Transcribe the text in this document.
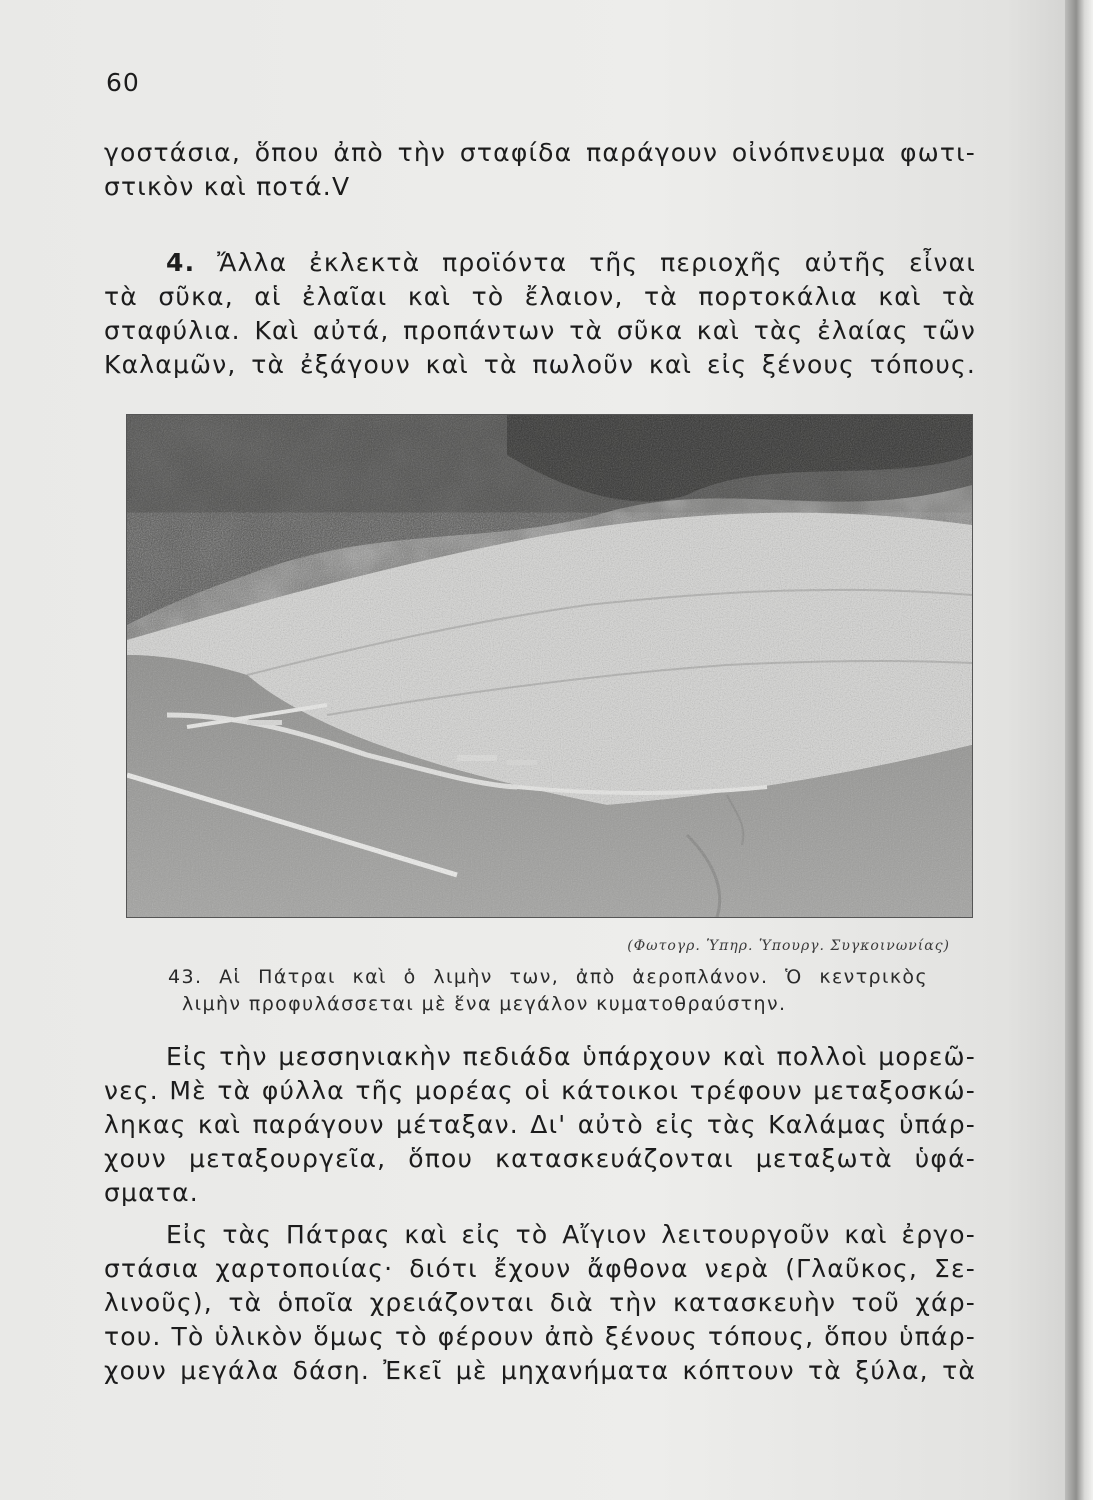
60
γοστάσια, ὅπου ἀπὸ τὴν σταφίδα παράγουν οἰνόπνευμα φωτι-
στικὸν καὶ ποτά.V
4. Ἄλλα ἐκλεκτὰ προϊόντα τῆς περιοχῆς αὐτῆς εἶναι
τὰ σῦκα, αἱ ἐλαῖαι καὶ τὸ ἔλαιον, τὰ πορτοκάλια καὶ τὰ
σταφύλια. Καὶ αὐτά, προπάντων τὰ σῦκα καὶ τὰς ἐλαίας τῶν
Καλαμῶν, τὰ ἐξάγουν καὶ τὰ πωλοῦν καὶ εἰς ξένους τόπους.
(Φωτογρ. Ὑπηρ. Ὑπουργ. Συγκοινωνίας)
43. Αἱ Πάτραι καὶ ὁ λιμὴν των, ἀπὸ ἀεροπλάνον. Ὁ κεντρικὸς
λιμὴν προφυλάσσεται μὲ ἕνα μεγάλον κυματοθραύστην.
Εἰς τὴν μεσσηνιακὴν πεδιάδα ὑπάρχουν καὶ πολλοὶ μορεῶ-
νες. Μὲ τὰ φύλλα τῆς μορέας οἱ κάτοικοι τρέφουν μεταξοσκώ-
ληκας καὶ παράγουν μέταξαν. Δι' αὐτὸ εἰς τὰς Καλάμας ὑπάρ-
χουν μεταξουργεῖα, ὅπου κατασκευάζονται μεταξωτὰ ὑφά-
σματα.
Εἰς τὰς Πάτρας καὶ εἰς τὸ Αἴγιον λειτουργοῦν καὶ ἐργο-
στάσια χαρτοποιίας· διότι ἔχουν ἄφθονα νερὰ (Γλαῦκος, Σε-
λινοῦς), τὰ ὁποῖα χρειάζονται διὰ τὴν κατασκευὴν τοῦ χάρ-
του. Τὸ ὑλικὸν ὅμως τὸ φέρουν ἀπὸ ξένους τόπους, ὅπου ὑπάρ-
χουν μεγάλα δάση. Ἐκεῖ μὲ μηχανήματα κόπτουν τὰ ξύλα, τὰ
